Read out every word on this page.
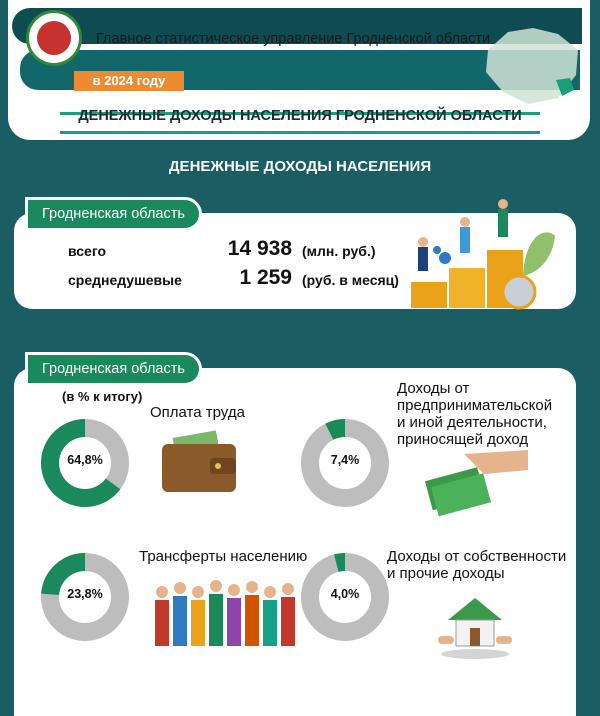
Главное статистическое управление Гродненской области
в 2024 году
ДЕНЕЖНЫЕ ДОХОДЫ НАСЕЛЕНИЯ ГРОДНЕНСКОЙ ОБЛАСТИ
ДЕНЕЖНЫЕ ДОХОДЫ НАСЕЛЕНИЯ
Гродненская область
всего	14 938 (млн. руб.)
среднедушевые	1 259 (руб. в месяц)
Гродненская область
(в % к итогу)
64,8%
Оплата труда
7,4%
Доходы от
предпринимательской
и иной деятельности,
приносящей доход
23,8%
Трансферты населению
4,0%
Доходы от собственности
и прочие доходы
